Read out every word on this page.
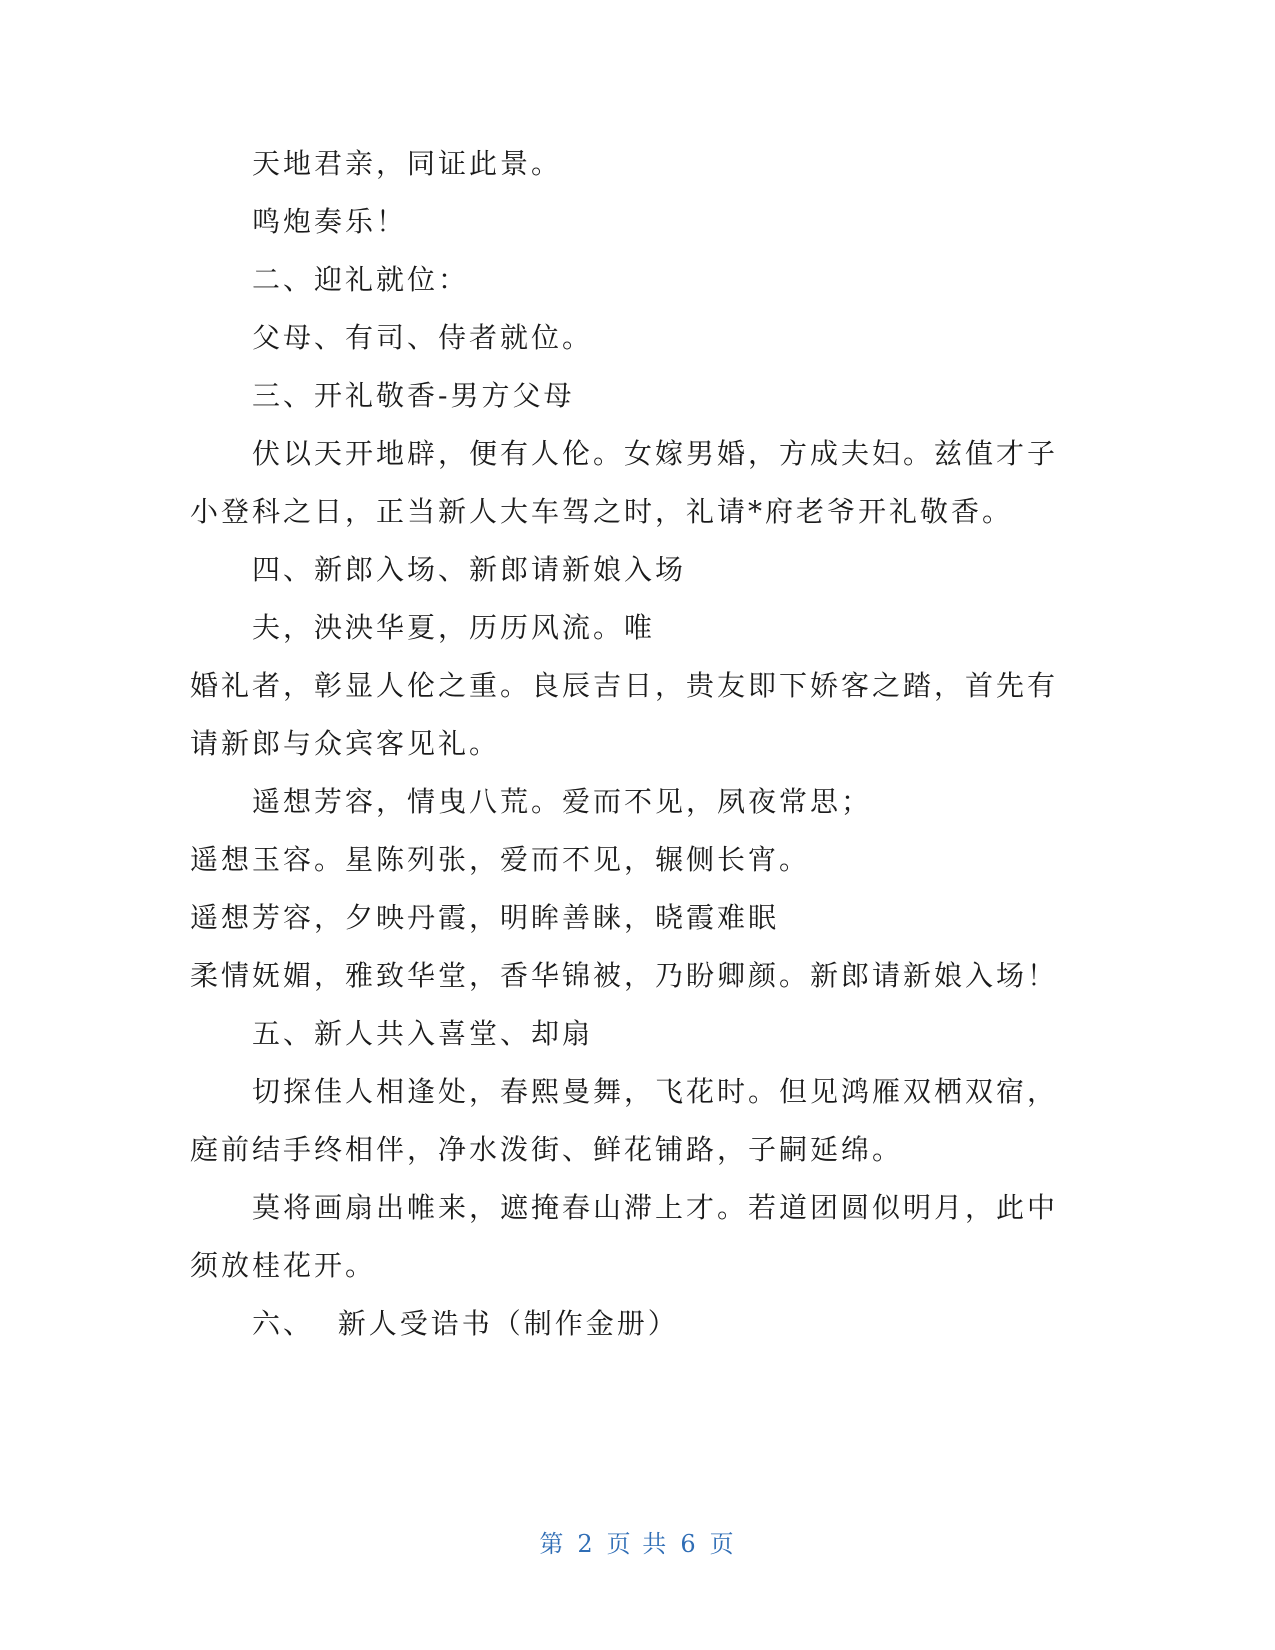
天地君亲，同证此景。
鸣炮奏乐！
二、迎礼就位：
父母、有司、侍者就位。
三、开礼敬香-男方父母
伏以天开地辟，便有人伦。女嫁男婚，方成夫妇。兹值才子
小登科之日，正当新人大车驾之时，礼请*府老爷开礼敬香。
四、新郎入场、新郎请新娘入场
夫，泱泱华夏，历历风流。唯
婚礼者，彰显人伦之重。良辰吉日，贵友即下娇客之踏，首先有
请新郎与众宾客见礼。
遥想芳容，情曳八荒。爱而不见，夙夜常思；
遥想玉容。星陈列张，爱而不见，辗侧长宵。
遥想芳容，夕映丹霞，明眸善睐，晓霞难眠
柔情妩媚，雅致华堂，香华锦被，乃盼卿颜。新郎请新娘入场！
五、新人共入喜堂、却扇
切探佳人相逢处，春熙曼舞，飞花时。但见鸿雁双栖双宿，
庭前结手终相伴，净水泼街、鲜花铺路，子嗣延绵。
莫将画扇出帷来，遮掩春山滞上才。若道团圆似明月，此中
须放桂花开。
六、  新人受诰书（制作金册）
第 2 页 共 6 页
